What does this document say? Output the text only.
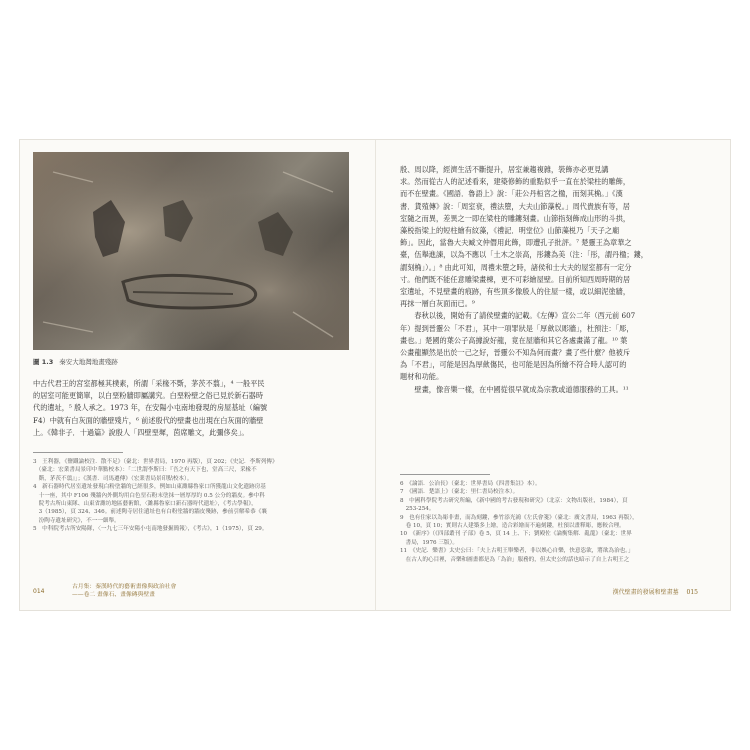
圖 1.3 秦安大地灣地畫殘跡
中古代君王的宮室都極其樸素，所謂「采椽不斲，茅茨不翦」，⁴ 一般平民
的居室可能更簡單，以白堊粉牆即屬講究。白堊粉壁之俗已見於新石器時
代的遺址，⁵ 殷人承之。1973 年，在安陽小屯南地發現的房屋基址（編號
F4）中就有白灰面的牆壁殘片，⁶ 前述殷代的壁畫也出現在白灰面的牆壁
上。《韓非子．十過篇》說殷人「四壁堊墀，茵席雕文，此彌侈矣」。
3　王利器，《鹽鐵論校注．散不足》（臺北：世界書局，1970 再版），頁 202；《史記．李斯列傳》
　（臺北：宏業書局景印中華點校本）：「二世謂李斯曰：『吾之有天下也，堂高三尺，采椽不
　斲，茅茨不翦』」；《漢書．司馬遷傳》（宏業書局景印點校本）。
4　新石器時代居室遺址發現白粉塗牆的已經很多，例如山東濰縣魯家口所獲龍山文化遺跡房基
　十一座，其中 F106 殘牆內外側均用白色堊石粉末塗抹一層厚厚約 0.5 公分的牆皮。參中科
　院考古所山東隊、山東省濰坊地區藝術館，〈濰縣魯家口新石器時代遺址〉，《考古學報》，
　3（1985），頁 324、346。前述陶寺居住遺址也有白粉塗牆的牆皮殘跡，參前引解希恭《襄
　汾陶寺遺址研究》，不一一細舉。
5　中科院考古所安陽隊，〈一九七三年安陽小屯南地發掘簡報〉，《考古》，1（1975），頁 29。
014
古月集：秦漢時代的藝術畫像與政治社會
——卷二 畫像石、畫像磚與壁畫
殷、周以降，經濟生活不斷提升，居室兼趨複雜，裝飾亦必更見講
求。然而從古人的記述看來，建築修飾的重點似乎一直在於梁柱的雕飾，
而不在壁畫。《國語．魯語上》說：「莊公丹桓宮之楹，而刻其桷。」《漢
書．貨殖傳》說：「周室衰，禮法墮，大夫山節藻棁。」周代貴族有等，居
室隨之而異，差異之一即在梁柱的雕鏤刻畫。山節指刻飾成山形的斗拱，
藻棁指梁上的短柱繪有紋藻，《禮記．明堂位》山節藻棁乃「天子之廟
飾」。因此，當魯大夫臧文仲僭用此飾，即遭孔子批評。⁷ 楚靈王為章華之
臺，伍舉進諫，以為不應以「土木之崇高，彤鏤為美（注：「彤，謂丹楹；鏤，
謂刻桷」）。」⁸ 由此可知，周禮未墮之時，諸侯和士大夫的屋室都有一定分
寸。他們既不能任意雕梁畫棟，更不可彩繪屋壁。目前所知西周時期的居
室遺址，不見壁畫的痕跡，有些頂多像殷人的住屋一樣，或以細泥塗牆，
再抹一層白灰面而已。⁹
　　春秋以後，開始有了請侯壁畫的記載。《左傳》宣公二年（西元前 607
年）提到晉靈公「不君」，其中一項罪狀是「厚歛以彫牆」，杜預注：「彫，
畫也。」楚國的葉公子高據說好龍，竟在屋牆和其它各處畫滿了龍。¹⁰ 葉
公畫龍顯然是出於一己之好，晉靈公不知為何而畫？畫了些什麼？他被斥
為「不君」，可能是因為厚歛傷民，也可能是因為所繪不符合時人認可的
題材和功能。
　　壁畫，像音樂一樣，在中國從很早就成為宗教或道德服務的工具。¹¹
6　《論語．公冶長》（臺北：世界書局《四書集註》本）。
7　《國語．楚語上》（臺北：里仁書局校注本）。
8　中國科學院考古研究所編，《新中國的考古發現和研究》（北京：文物出版社，1984），頁
　253-254。
9　也有住家以為彫非畫，而為刻鏤，參竹添光鴻《左氏會箋》（臺北：廣文書局，1963 再版），
　卷 10，頁 10；實則古人建築多上繪，造合彩繪而不遍刻鏤，杜預以畫釋彫，應較合理。
10　《新序》（《四部叢刊 子部》卷 5，頁 14 上、下；劉殿佐《論衡集解．亂龍》（臺北：世界
　書局，1976 三版）。
11　《史記．樂書》太史公曰：「夫上古明王舉樂者，非以娛心自樂，快意恣欲，將欲為治也。」
　在古人的心目裡，音樂和圖畫都是為「為治」服務的，但太史公的話也暗示了自上古明王之
漢代壁畫的發展和壁畫墓 015
